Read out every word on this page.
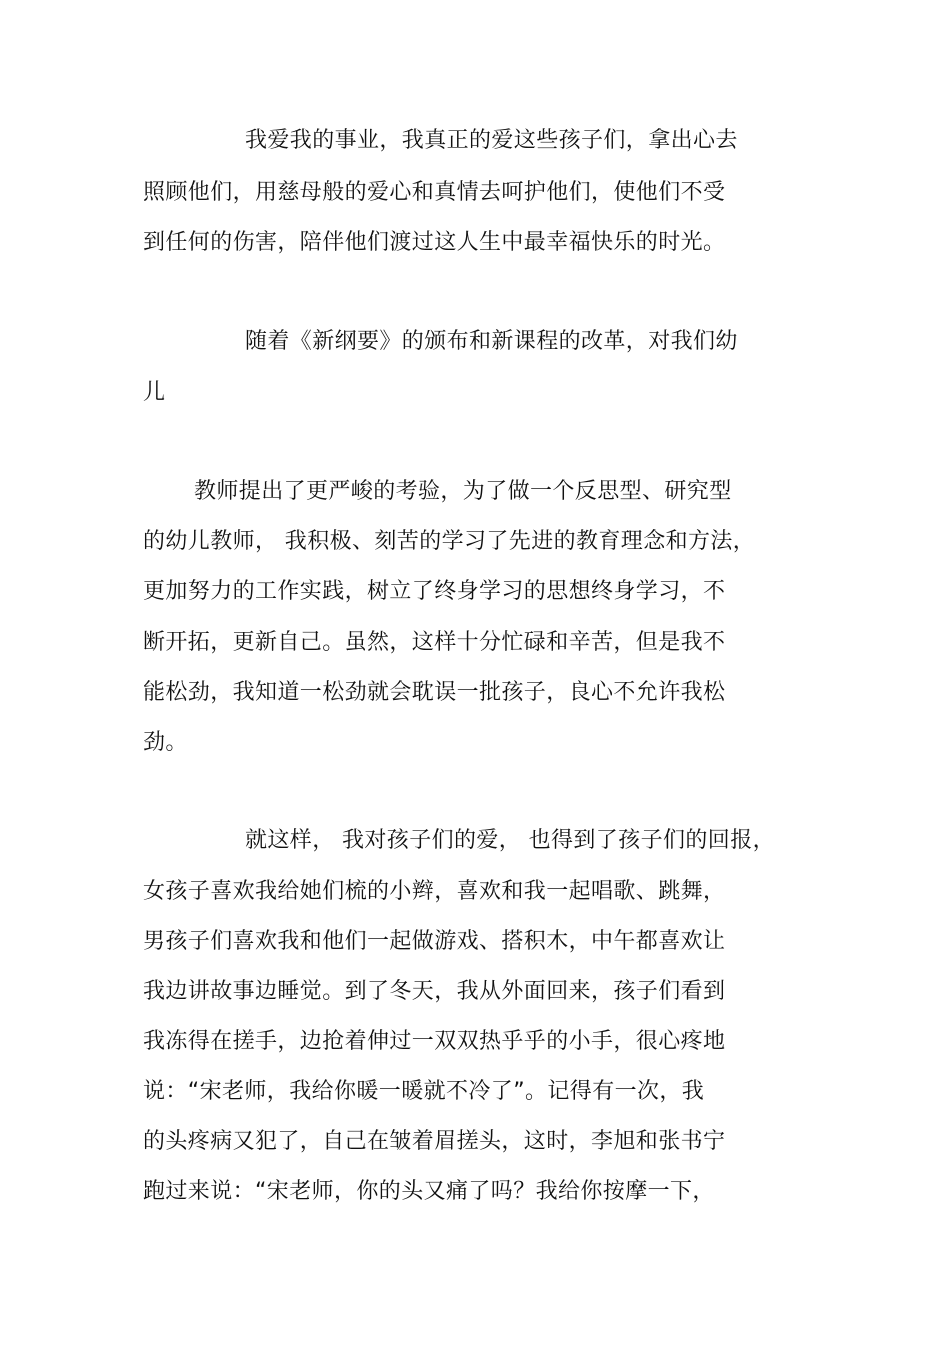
我爱我的事业，我真正的爱这些孩子们，拿出心去
照顾他们，用慈母般的爱心和真情去呵护他们，使他们不受
到任何的伤害，陪伴他们渡过这人生中最幸福快乐的时光。
随着《新纲要》的颁布和新课程的改革，对我们幼
儿
教师提出了更严峻的考验，为了做一个反思型、研究型
的幼儿教师， 我积极、刻苦的学习了先进的教育理念和方法，
更加努力的工作实践，树立了终身学习的思想终身学习，不
断开拓，更新自己。虽然，这样十分忙碌和辛苦，但是我不
能松劲，我知道一松劲就会耽误一批孩子，良心不允许我松
劲。
就这样， 我对孩子们的爱， 也得到了孩子们的回报，
女孩子喜欢我给她们梳的小辫，喜欢和我一起唱歌、跳舞，
男孩子们喜欢我和他们一起做游戏、搭积木，中午都喜欢让
我边讲故事边睡觉。到了冬天，我从外面回来，孩子们看到
我冻得在搓手，边抢着伸过一双双热乎乎的小手，很心疼地
说：“宋老师，我给你暖一暖就不冷了”。记得有一次，我
的头疼病又犯了，自己在皱着眉搓头，这时，李旭和张书宁
跑过来说：“宋老师，你的头又痛了吗？我给你按摩一下，
